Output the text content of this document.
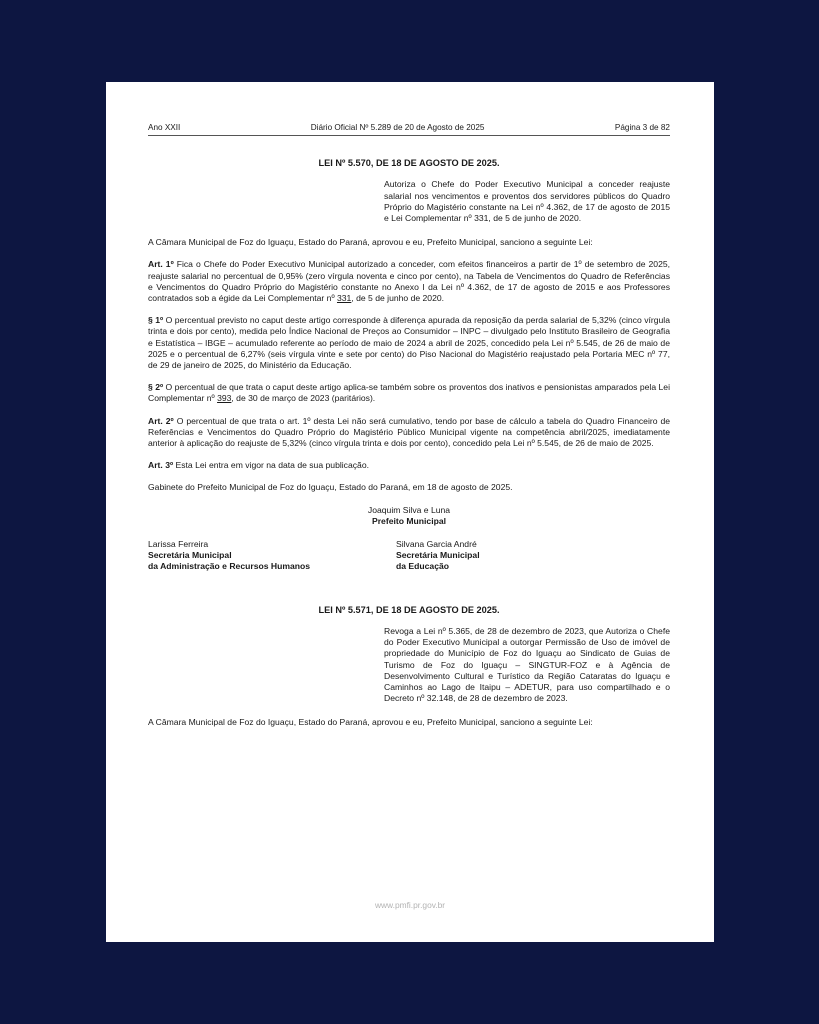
Ano XXII	Diário Oficial Nº 5.289 de 20 de Agosto de 2025	Página 3 de 82
LEI Nº 5.570, DE 18 DE AGOSTO DE 2025.
Autoriza o Chefe do Poder Executivo Municipal a conceder reajuste salarial nos vencimentos e proventos dos servidores públicos do Quadro Próprio do Magistério constante na Lei nº 4.362, de 17 de agosto de 2015 e Lei Complementar nº 331, de 5 de junho de 2020.

A Câmara Municipal de Foz do Iguaçu, Estado do Paraná, aprovou e eu, Prefeito Municipal, sanciono a seguinte Lei:

Art. 1º Fica o Chefe do Poder Executivo Municipal autorizado a conceder, com efeitos financeiros a partir de 1º de setembro de 2025, reajuste salarial no percentual de 0,95% (zero vírgula noventa e cinco por cento), na Tabela de Vencimentos do Quadro de Referências e Vencimentos do Quadro Próprio do Magistério constante no Anexo I da Lei nº 4.362, de 17 de agosto de 2015 e aos Professores contratados sob a égide da Lei Complementar nº 331, de 5 de junho de 2020.

§ 1º O percentual previsto no caput deste artigo corresponde à diferença apurada da reposição da perda salarial de 5,32% (cinco vírgula trinta e dois por cento), medida pelo Índice Nacional de Preços ao Consumidor – INPC – divulgado pelo Instituto Brasileiro de Geografia e Estatística – IBGE – acumulado referente ao período de maio de 2024 a abril de 2025, concedido pela Lei nº 5.545, de 26 de maio de 2025 e o percentual de 6,27% (seis vírgula vinte e sete por cento) do Piso Nacional do Magistério reajustado pela Portaria MEC nº 77, de 29 de janeiro de 2025, do Ministério da Educação.

§ 2º O percentual de que trata o caput deste artigo aplica-se também sobre os proventos dos inativos e pensionistas amparados pela Lei Complementar nº 393, de 30 de março de 2023 (paritários).

Art. 2º O percentual de que trata o art. 1º desta Lei não será cumulativo, tendo por base de cálculo a tabela do Quadro Financeiro de Referências e Vencimentos do Quadro Próprio do Magistério Público Municipal vigente na competência abril/2025, imediatamente anterior à aplicação do reajuste de 5,32% (cinco vírgula trinta e dois por cento), concedido pela Lei nº 5.545, de 26 de maio de 2025.

Art. 3º Esta Lei entra em vigor na data de sua publicação.

Gabinete do Prefeito Municipal de Foz do Iguaçu, Estado do Paraná, em 18 de agosto de 2025.

Joaquim Silva e Luna
Prefeito Municipal
Larissa Ferreira
Secretária Municipal
da Administração e Recursos Humanos
Silvana Garcia André
Secretária Municipal
da Educação
LEI Nº 5.571, DE 18 DE AGOSTO DE 2025.
Revoga a Lei nº 5.365, de 28 de dezembro de 2023, que Autoriza o Chefe do Poder Executivo Municipal a outorgar Permissão de Uso de imóvel de propriedade do Município de Foz do Iguaçu ao Sindicato de Guias de Turismo de Foz do Iguaçu – SINGTUR-FOZ e à Agência de Desenvolvimento Cultural e Turístico da Região Cataratas do Iguaçu e Caminhos ao Lago de Itaipu – ADETUR, para uso compartilhado e o Decreto nº 32.148, de 28 de dezembro de 2023.

A Câmara Municipal de Foz do Iguaçu, Estado do Paraná, aprovou e eu, Prefeito Municipal, sanciono a seguinte Lei:

www.pmfi.pr.gov.br
